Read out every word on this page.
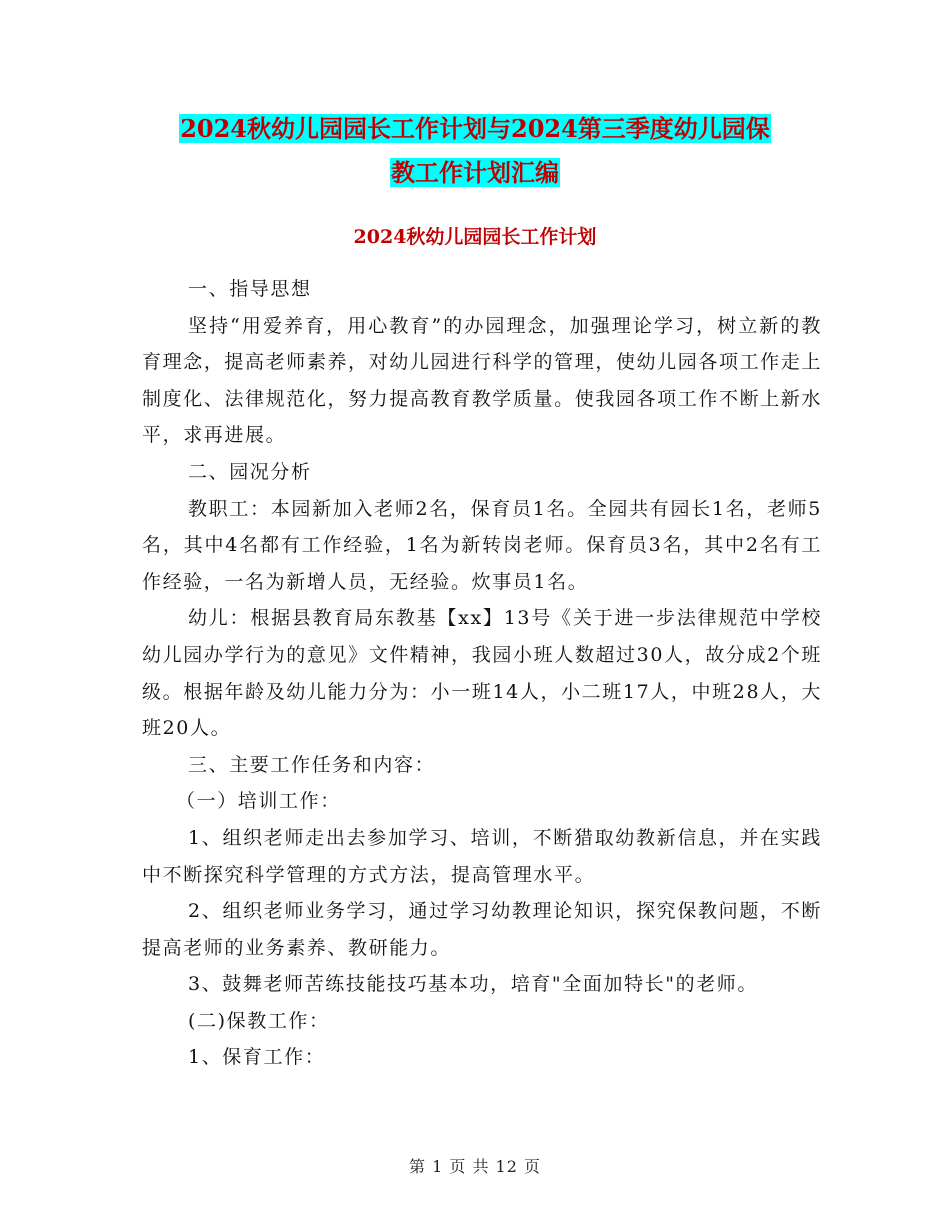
2024秋幼儿园园长工作计划与2024第三季度幼儿园保
教工作计划汇编
2024秋幼儿园园长工作计划

一、指导思想

坚持“用爱养育，用心教育”的办园理念，加强理论学习，树立新的教育理念，提高老师素养，对幼儿园进行科学的管理，使幼儿园各项工作走上制度化、法律规范化，努力提高教育教学质量。使我园各项工作不断上新水平，求再进展。

二、园况分析

教职工：本园新加入老师2名，保育员1名。全园共有园长1名，老师5名，其中4名都有工作经验，1名为新转岗老师。保育员3名，其中2名有工作经验，一名为新增人员，无经验。炊事员1名。

幼儿：根据县教育局东教基【xx】13号《关于进一步法律规范中学校幼儿园办学行为的意见》文件精神，我园小班人数超过30人，故分成2个班级。根据年龄及幼儿能力分为：小一班14人，小二班17人，中班28人，大班20人。

三、主要工作任务和内容：

（一）培训工作：

1、组织老师走出去参加学习、培训，不断猎取幼教新信息，并在实践中不断探究科学管理的方式方法，提高管理水平。

2、组织老师业务学习，通过学习幼教理论知识，探究保教问题，不断提高老师的业务素养、教研能力。

3、鼓舞老师苦练技能技巧基本功，培育"全面加特长"的老师。

(二)保教工作：

1、保育工作：

第 1 页 共 12 页
